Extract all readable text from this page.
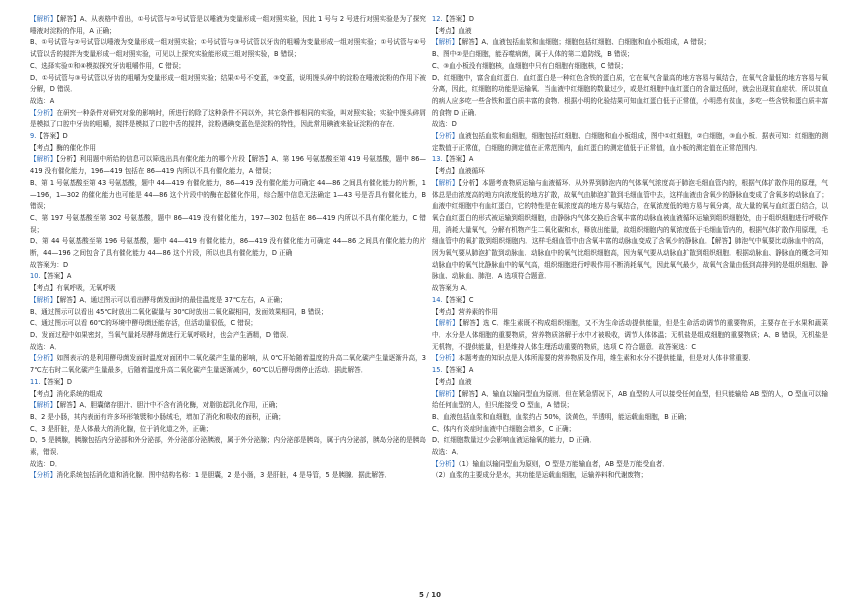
【解析】【解答】A、从表格中看出，①号试管与②号试管是以唾液为变量形成一组对照实验，因此 1 号与 2 号进行对照实验是为了探究唾液对淀粉的作用，A 正确；

B、①号试管与②号试管以唾液为变量形成一组对照实验；①号试管与③号试管以牙齿的咀嚼为变量形成一组对照实验；①号试管与④号试管以舌的搅拌为变量形成一组对照实验，可见以上探究实验能形成三组对照实验，B 错误；

C、选择实验①和④模拟探究牙齿咀嚼作用，C 错误；

D、①号试管与③号试管以牙齿的咀嚼为变量形成一组对照实验；结果①号不变蓝，③变蓝，说明馒头碎中的淀粉在唾液淀粉的作用下被分解，D 错误．

故选：A

【分析】在研究一种条件对研究对象的影响时，所进行的除了这种条件不同以外，其它条件都相同的实验，叫对照实验；实验中馒头碎屑是模拟了口腔中牙齿的咀嚼，搅拌是模拟了口腔中舌的搅拌，淀粉遇碘变蓝色是淀粉的特性，因此常用碘液来验证淀粉的存在．

9.【答案】D

【考点】酶的催化作用

【解析】【分析】利用题中所给的信息可以筛选出具有催化能力的哪个片段【解答】A、第 196 号氨基酸至第 419 号氨基酸，题中 86—419 没有催化能力，196—419 包括在 86—419 内所以不具有催化能力，A 错误；

B、第 1 号氨基酸至第 43 号氨基酸，题中 44—419 有催化能力，86—419 没有催化能力可确定 44—86 之间具有催化能力的片断，1—196，1—302 的催化能力也可能是 44—86 这个片段中的酶在起催化作用，综合题中信息无法确定 1—43 号是否具有催化能力，B 错误；

C、第 197 号氨基酸至第 302 号氨基酸，题中 86—419 没有催化能力，197—302 包括在 86—419 内所以不具有催化能力，C 错误；

D、第 44 号氨基酸至第 196 号氨基酸，题中 44—419 有催化能力，86—419 没有催化能力可确定 44—86 之间具有催化能力的片断，44—196 之间包含了具有催化能力 44—86 这个片段，所以也具有催化能力，D 正确

故答案为：D

10.【答案】A

【考点】有氧呼吸，无氧呼吸

【解析】【解答】A、通过图示可以看出酵母菌发面时的最佳温度是 37℃左右，A 正确；

B、通过图示可以看出 45℃时放出二氧化碳量与 30℃时放出二氧化碳相同，发面效果相同，B 错误；

C、通过图示可以看 60℃的环境中酵母菌还能存活，但活动量很低，C 错误；

D、发面过程中如果密封，当氧气量耗尽酵母菌进行无氧呼吸时，也会产生酒精，D 错误．

故选：A．

【分析】如图表示的是利用酵母菌发面时温度对面团中二氧化碳产生量的影响，从 0℃开始随着温度的升高二氧化碳产生量逐渐升高，37℃左右时二氧化碳产生量最多，后随着温度升高二氧化碳产生量逐渐减少，60℃以后酵母菌停止活动．据此解答．

11.【答案】D

【考点】消化系统的组成

【解析】【解答】A、胆囊储存胆汁、胆汁中不含有消化酶，对脂肪起乳化作用，正确；

B、2 是小肠，其内表面有许多环形皱襞和小肠绒毛，增加了消化和吸收的面积，正确；

C、3 是肝脏，是人体最大的消化腺，位于消化道之外，正确；

D、5 是胰腺，胰腺包括内分泌部和外分泌部，外分泌部分泌胰液，属于外分泌腺；内分泌部是胰岛，属于内分泌部，胰岛分泌的是胰岛素，错误．

故选：D．

【分析】消化系统包括消化道和消化腺．图中结构名称：1 是胆囊，2 是小肠，3 是肝脏，4 是导管，5 是胰腺．据此解答．

12.【答案】D

【考点】血液

【解析】【解答】A、血液包括血浆和血细胞；细胞包括红细胞、白细胞和血小板组成，A 错误；

B、图中②是白细胞，能吞噬病菌，属于人体的第二道防线，B 错误；

C、③血小板没有细胞核，血细胞中只有白细胞有细胞核，C 错误；

D、红细胞中，富含血红蛋白．血红蛋白是一种红色含铁的蛋白质，它在氧气含量高的地方容易与氧结合，在氧气含量低的地方容易与氧分离，因此，红细胞的功能是运输氧．当血液中红细胞的数量过少，或是红细胞中血红蛋白的含量过低时，就会出现贫血症状．所以贫血的病人应多吃一些含铁和蛋白质丰富的食物．根据小明的化验结果可知血红蛋白低于正常值，小明患有贫血，多吃一些含铁和蛋白质丰富的食物 D 正确．

故选：D

【分析】血液包括血浆和血细胞，细胞包括红细胞、白细胞和血小板组成，图中①红细胞，②白细胞，③血小板．据表可知：红细胞的测定数值于正常值，白细胞的测定值在正常范围内，血红蛋白的测定值低于正常值，血小板的测定值在正常范围内．

13.【答案】A

【考点】血液循环

【解析】【分析】本题考查物质运输与血液循环．从外界到肺泡内的气体氧气浓度高于肺泡毛细血管内的，根据气体扩散作用的原理，气体总是由浓度高的地方向浓度低的地方扩散，故氧气由肺泡扩散到毛细血管中去，这样血液由含氧少的静脉血变成了含氧多的动脉血了；血液中红细胞中有血红蛋白，它的特性是在氧浓度高的地方易与氧结合，在氧浓度低的地方易与氧分离，故大量的氧与血红蛋白结合，以氧合血红蛋白的形式被运输到组织细胞，由静脉内气体交换后含氧丰富的动脉血被血液循环运输到组织细胞处，由于组织细胞进行呼吸作用，消耗大量氧气，分解有机物产生二氧化碳和水，释放出能量，故组织细胞内的氧浓度低于毛细血管内的，根据气体扩散作用原理，毛细血管中的氧扩散到组织细胞内．这样毛细血管中由含氧丰富的动脉血变成了含氧少的静脉血．【解答】肺泡气中氧要比动脉血中的高，因为氧气要从肺泡扩散到动脉血．动脉血中的氧气比组织细胞高，因为氧气要从动脉血扩散到组织细胞．根据动脉血、静脉血的概念可知动脉血中的氧气比静脉血中的氧气高，组织细胞进行呼吸作用不断消耗氧气，因此氧气最少，故氧气含量由低到高排列的是组织细胞、静脉血、动脉血、肺泡．A 选项符合题意．

故答案为 A．

14.【答案】C

【考点】营养素的作用

【解析】【解答】选 C．维生素既不构成组织细胞，又不为生命活动提供能量，但是生命活动调节的重要物质，主要存在于水果和蔬菜中．水分是人体细胞的重要物质，营养物质溶解于水中才被吸收，调节人体体温；无机盐是组成细胞的重要物质；A、B 错误，无机盐是无机物，不提供能量，但是维持人体生理活动重要的物质，选项 C 符合题意．故答案选：C

【分析】本题考查的知识点是人体所需要的营养物质及作用，维生素和水分不提供能量，但是对人体非常重要．

15.【答案】A

【考点】血液

【解析】【解答】A、输血以输同型血为原则．但在紧急情况下，AB 血型的人可以接受任何血型，但只能输给 AB 型的人，O 型血可以输给任何血型的人，但只能接受 O 型血，A 错误；

B、血液包括血浆和血细胞，血浆约占 50%，淡黄色，半透明，能运载血细胞，B 正确；

C、体内有炎症时血液中白细胞会增多，C 正确；

D、红细胞数量过少会影响血液运输氧的能力，D 正确．

故选：A．

【分析】（1）输血以输同型血为原则，O 型是万能输血者，AB 型是万能受血者．

（2）血浆的主要成分是水，其功能是运载血细胞，运输养料和代谢废物；

5 / 10
